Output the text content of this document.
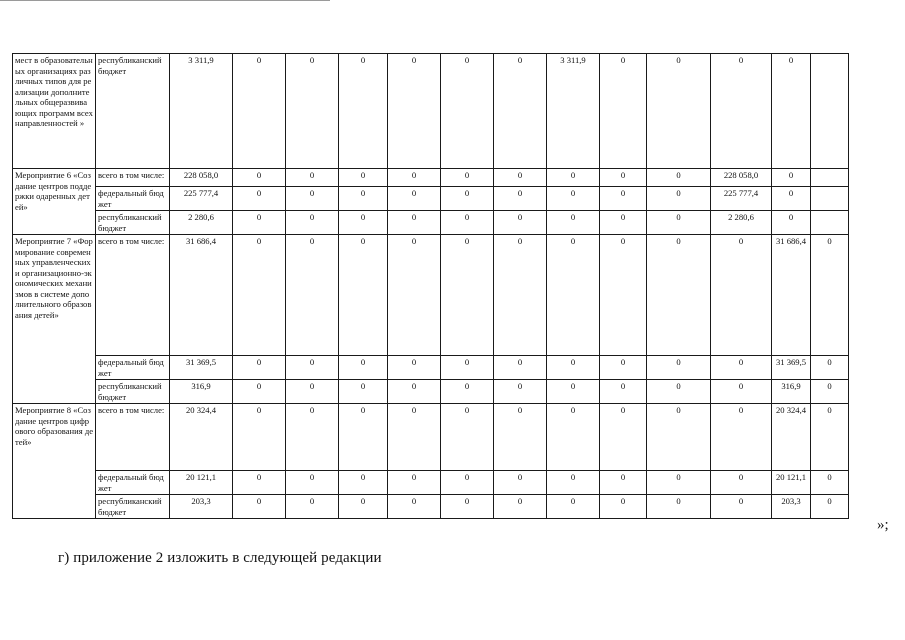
мест в образовательных организациях различных типов для реализации дополнительных общеразвивающих программ всех направленностей »	республиканский бюджет	3 311,9	0	0	0	0	0	0	3 311,9	0	0	0	0	
Мероприятие 6 «Создание центров поддержки одаренных детей»	всего в том числе:	228 058,0	0	0	0	0	0	0	0	0	0	228 058,0	0	
	федеральный бюджет	225 777,4	0	0	0	0	0	0	0	0	0	225 777,4	0	
	республиканский бюджет	2 280,6	0	0	0	0	0	0	0	0	0	2 280,6	0	
Мероприятие 7 «Формирование современных управленческих и организационно-экономических механизмов в системе дополнительного образования детей»	всего в том числе:	31 686,4	0	0	0	0	0	0	0	0	0	0	31 686,4	0
	федеральный бюджет	31 369,5	0	0	0	0	0	0	0	0	0	0	31 369,5	0
	республиканский бюджет	316,9	0	0	0	0	0	0	0	0	0	0	316,9	0
Мероприятие 8 «Создание центров цифрового образования детей»	всего в том числе:	20 324,4	0	0	0	0	0	0	0	0	0	0	20 324,4	0
	федеральный бюджет	20 121,1	0	0	0	0	0	0	0	0	0	0	20 121,1	0
	республиканский бюджет	203,3	0	0	0	0	0	0	0	0	0	0	203,3	0
»;
г) приложение 2 изложить в следующей редакции
